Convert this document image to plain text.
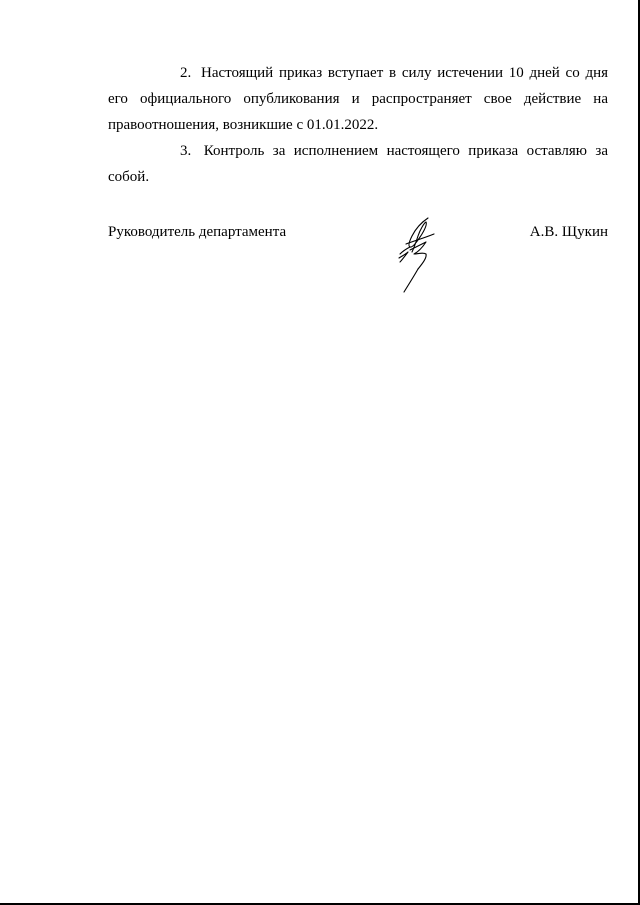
2. Настоящий приказ вступает в силу истечении 10 дней со дня его официального опубликования и распространяет свое действие на правоотношения, возникшие с 01.01.2022.

3. Контроль за исполнением настоящего приказа оставляю за собой.

Руководитель департамента	А.В. Щукин
